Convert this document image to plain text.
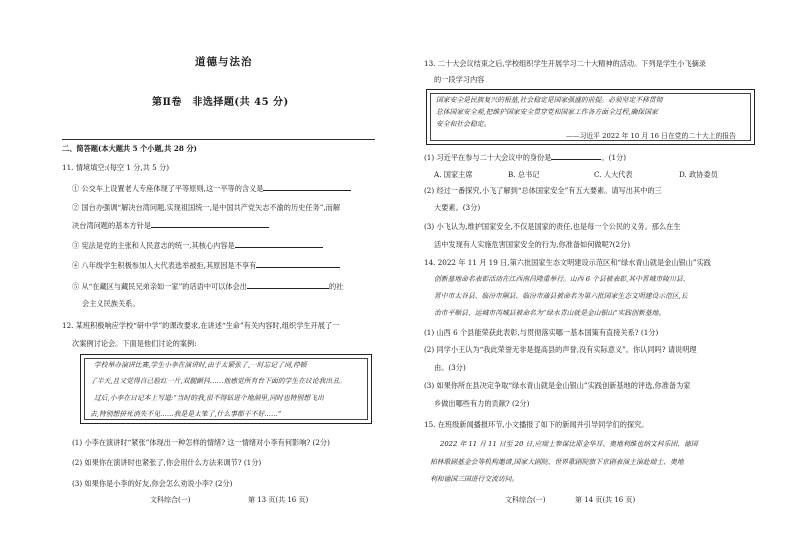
道德与法治
第Ⅱ卷　非选择题(共 45 分)
二、简答题(本大题共 5 个小题,共 28 分)
11. 情境填空:(每空 1 分,共 5 分)
① 公交车上设置老人专座体现了平等原则,这一平等的含义是
② 国台办强调“解决台湾问题,实现祖国统一,是中国共产党矢志不渝的历史任务”,而解
决台湾问题的基本方针是
③ 宪法是党的主张和人民意志的统一,其核心内容是
④ 八年级学生积极参加人大代表选举被拒,其原因是不享有
⑤ 从“在藏区与藏民兄弟亲如一家”的话语中可以体会出	的社
会主义民族关系。
12. 某班积极响应学校“研中学”的课改要求,在讲述“生命”有关内容时,组织学生开展了一
次案例讨论会。下面是他们讨论的案例:
学校举办演讲比赛,学生小李在演讲时,由于太紧张了,一时忘记了词,停顿
了半天,且又觉得自己脸红一片,双腿颤抖……他感觉所有台下面的学生在议论我出丑。
过后,小李在日记本上写道:“当时的我,很不得钻进个地洞里,同时也特别想飞出
去,特别想拼死消失不见……我是是太笨了,什么事都干不好……”
(1) 小李在演讲时“紧张”体现出一种怎样的情绪? 这一情绪对小李有何影响? (2分)
(2) 如果你在演讲时也紧张了,你会用什么方法来调节? (1分)
(3) 如果你是小李的好友,你会怎么劝说小李? (2分)
文科综合(一)	第 13 页(共 16 页)
13. 二十大会议结束之后,学校组织学生开展学习二十大精神的活动。下列是学生小飞摘录
的一段学习内容
国家安全是民族复兴的根基,社会稳定是国家强盛的前提。必须坚定不移贯彻
总体国家安全观,把维护国家安全贯穿党和国家工作各方面全过程,确保国家
安全和社会稳定。
——习近平 2022 年 10 月 16 日在党的二十大上的报告
(1) 习近平在参与二十大会议中的身份是	。(1分)
A. 国家主席	B. 总书记	C. 人大代表	D. 政协委员
(2) 经过一番探究,小飞了解到“总体国家安全”有五大要素。请写出其中的三
大要素。(3分)
(3) 小飞认为,维护国家安全,不仅是国家的责任,也是每一个公民的义务。那么在生
活中发现有人实施危害国家安全的行为,你准备如何做呢?(2分)
14. 2022 年 11 月 19 日,第六批国家生态文明建设示范区和“绿水青山就是金山银山”实践
创新基地命名表彰活动在江西南昌隆重举行。山西 6 个县被表彰,其中晋城市陵川县、
晋中市太谷县、临汾市隰县、临汾市蒲县被命名为第六批国家生态文明建设示范区,长
治市平顺县、运城市芮城县被命名为“绿水青山就是金山银山”实践创新基地。
(1) 山西 6 个县能荣获此表彰,与贯彻落实哪一基本国策有直接关系? (1分)
(2) 同学小王认为“我此荣誉无非是提高县的声誉,没有实际意义”。你认同吗? 请说明理
由。(3分)
(3) 如果你所在县决定争取“绿水青山就是金山银山”实践创新基地的评选,你准备为家
乡做出哪些有力的贡献? (2分)
15. 在班级新闻播报环节,小文播报了如下的新闻并引导同学们的探究。
2022 年 11 月 11 日至 20 日,应瑞士参谋比耶金华耳、奥地利维也纳文科乐团、德国
柏林歌剧基金会等机构邀请,国家大剧院、世界歌剧院旗下京剧表演主演赴瑞士、奥地
利和德国三国进行交流访问。
文科综合(一)	第 14 页(共 16 页)
